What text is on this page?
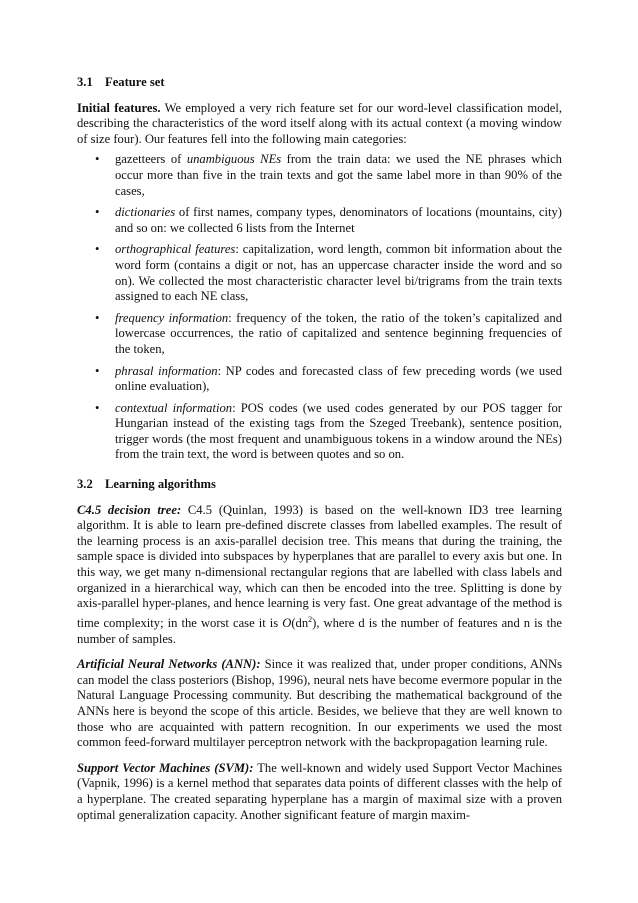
3.1 Feature set

Initial features. We employed a very rich feature set for our word-level classification model, describing the characteristics of the word itself along with its actual context (a moving window of size four). Our features fell into the following main categories:

• gazetteers of unambiguous NEs from the train data: we used the NE phrases which occur more than five in the train texts and got the same label more in than 90% of the cases,
• dictionaries of first names, company types, denominators of locations (mountains, city) and so on: we collected 6 lists from the Internet
• orthographical features: capitalization, word length, common bit information about the word form (contains a digit or not, has an uppercase character inside the word and so on). We collected the most characteristic character level bi/trigrams from the train texts assigned to each NE class,
• frequency information: frequency of the token, the ratio of the token’s capitalized and lowercase occurrences, the ratio of capitalized and sentence beginning frequencies of the token,
• phrasal information: NP codes and forecasted class of few preceding words (we used online evaluation),
• contextual information: POS codes (we used codes generated by our POS tagger for Hungarian instead of the existing tags from the Szeged Treebank), sentence position, trigger words (the most frequent and unambiguous tokens in a window around the NEs) from the train text, the word is between quotes and so on.
3.2 Learning algorithms

C4.5 decision tree: C4.5 (Quinlan, 1993) is based on the well-known ID3 tree learning algorithm. It is able to learn pre-defined discrete classes from labelled examples. The result of the learning process is an axis-parallel decision tree. This means that during the training, the sample space is divided into subspaces by hyperplanes that are parallel to every axis but one. In this way, we get many n-dimensional rectangular regions that are labelled with class labels and organized in a hierarchical way, which can then be encoded into the tree. Splitting is done by axis-parallel hyper-planes, and hence learning is very fast. One great advantage of the method is time complexity; in the worst case it is $O(dn^2)$, where d is the number of features and n is the number of samples.

Artificial Neural Networks (ANN): Since it was realized that, under proper conditions, ANNs can model the class posteriors (Bishop, 1996), neural nets have become evermore popular in the Natural Language Processing community. But describing the mathematical background of the ANNs here is beyond the scope of this article. Besides, we believe that they are well known to those who are acquainted with pattern recognition. In our experiments we used the most common feed-forward multilayer perceptron network with the backpropagation learning rule.

Support Vector Machines (SVM): The well-known and widely used Support Vector Machines (Vapnik, 1996) is a kernel method that separates data points of different classes with the help of a hyperplane. The created separating hyperplane has a margin of maximal size with a proven optimal generalization capacity. Another significant feature of margin maxim-
